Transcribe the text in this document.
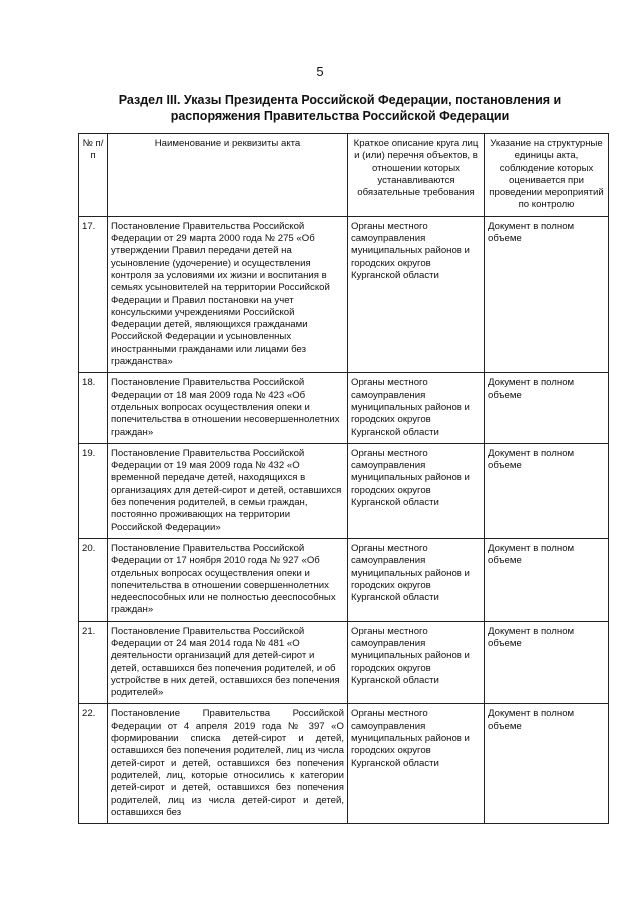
5
Раздел III. Указы Президента Российской Федерации, постановления и распоряжения Правительства Российской Федерации
№ п/п	Наименование и реквизиты акта	Краткое описание круга лиц и (или) перечня объектов, в отношении которых устанавливаются обязательные требования	Указание на структурные единицы акта, соблюдение которых оценивается при проведении мероприятий по контролю
17.	Постановление Правительства Российской Федерации от 29 марта 2000 года № 275 «Об утверждении Правил передачи детей на усыновление (удочерение) и осуществления контроля за условиями их жизни и воспитания в семьях усыновителей на территории Российской Федерации и Правил постановки на учет консульскими учреждениями Российской Федерации детей, являющихся гражданами Российской Федерации и усыновленных иностранными гражданами или лицами без гражданства»	Органы местного самоуправления муниципальных районов и городских округов Курганской области	Документ в полном объеме
18.	Постановление Правительства Российской Федерации от 18 мая 2009 года № 423 «Об отдельных вопросах осуществления опеки и попечительства в отношении несовершеннолетних граждан»	Органы местного самоуправления муниципальных районов и городских округов Курганской области	Документ в полном объеме
19.	Постановление Правительства Российской Федерации от 19 мая 2009 года № 432 «О временной передаче детей, находящихся в организациях для детей-сирот и детей, оставшихся без попечения родителей, в семьи граждан, постоянно проживающих на территории Российской Федерации»	Органы местного самоуправления муниципальных районов и городских округов Курганской области	Документ в полном объеме
20.	Постановление Правительства Российской Федерации от 17 ноября 2010 года № 927 «Об отдельных вопросах осуществления опеки и попечительства в отношении совершеннолетних недееспособных или не полностью дееспособных граждан»	Органы местного самоуправления муниципальных районов и городских округов Курганской области	Документ в полном объеме
21.	Постановление Правительства Российской Федерации от 24 мая 2014 года № 481 «О деятельности организаций для детей-сирот и детей, оставшихся без попечения родителей, и об устройстве в них детей, оставшихся без попечения родителей»	Органы местного самоуправления муниципальных районов и городских округов Курганской области	Документ в полном объеме
22.	Постановление Правительства Российской Федерации от 4 апреля 2019 года № 397 «О формировании списка детей-сирот и детей, оставшихся без попечения родителей, лиц из числа детей-сирот и детей, оставшихся без попечения родителей, лиц, которые относились к категории детей-сирот и детей, оставшихся без попечения родителей, лиц из числа детей-сирот и детей, оставшихся без	Органы местного самоуправления муниципальных районов и городских округов Курганской области	Документ в полном объеме
